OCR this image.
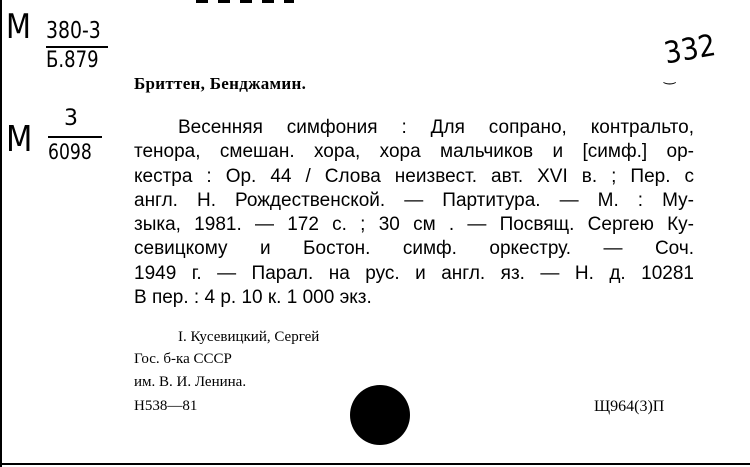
M 380-3
Б.879
M
3
6098
332
‿
Бриттен, Бенджамин.
Весенняя симфония : Для сопрано, контральто,
тенора, смешан. хора, хора мальчиков и [симф.] ор-
кестра : Ор. 44 / Слова неизвест. авт. XVI в. ; Пер. с
англ. Н. Рождественской. — Партитура. — М. : Му-
зыка, 1981. — 172 с. ; 30 см . — Посвящ. Сергею Ку-
севицкому и Бостон. симф. оркестру. — Соч.
1949 г. — Парал. на рус. и англ. яз. — Н. д. 10281
В пер. : 4 р. 10 к. 1 000 экз.
I. Кусевицкий, Сергей
Гос. б-ка СССР
им. В. И. Ленина.
Н538—81	Щ964(3)П
